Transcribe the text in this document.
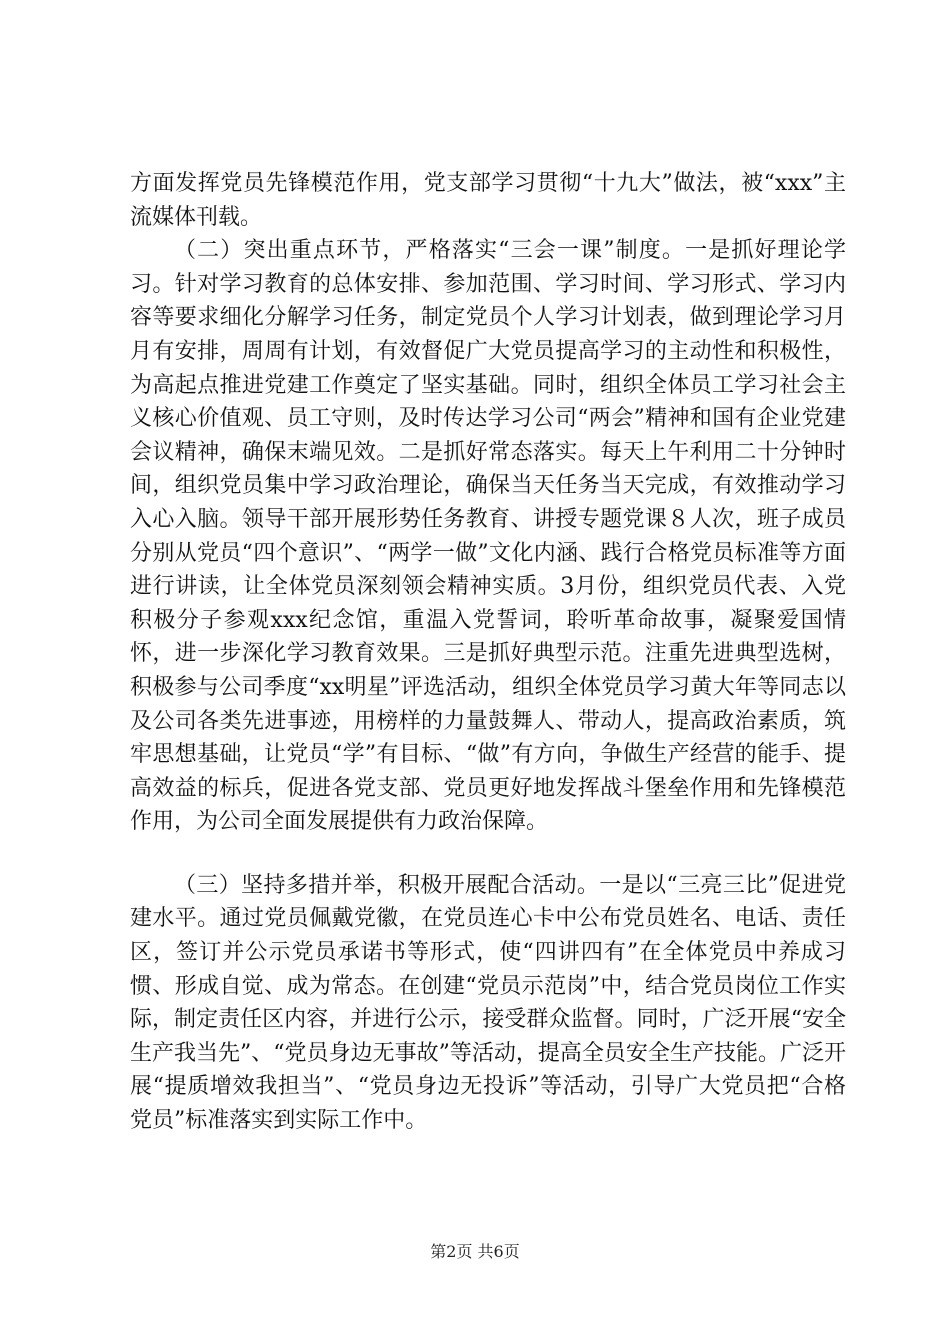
方面发挥党员先锋模范作用，党支部学习贯彻“十九大”做法，被“xxx”主流媒体刊载。

（二）突出重点环节，严格落实“三会一课”制度。一是抓好理论学习。针对学习教育的总体安排、参加范围、学习时间、学习形式、学习内容等要求细化分解学习任务，制定党员个人学习计划表，做到理论学习月月有安排，周周有计划，有效督促广大党员提高学习的主动性和积极性，为高起点推进党建工作奠定了坚实基础。同时，组织全体员工学习社会主义核心价值观、员工守则，及时传达学习公司“两会”精神和国有企业党建会议精神，确保末端见效。二是抓好常态落实。每天上午利用二十分钟时间，组织党员集中学习政治理论，确保当天任务当天完成，有效推动学习入心入脑。领导干部开展形势任务教育、讲授专题党课８人次，班子成员分别从党员“四个意识”、“两学一做”文化内涵、践行合格党员标准等方面进行讲读，让全体党员深刻领会精神实质。3月份，组织党员代表、入党积极分子参观xxx纪念馆，重温入党誓词，聆听革命故事，凝聚爱国情怀，进一步深化学习教育效果。三是抓好典型示范。注重先进典型选树，积极参与公司季度“xx明星”评选活动，组织全体党员学习黄大年等同志以及公司各类先进事迹，用榜样的力量鼓舞人、带动人，提高政治素质，筑牢思想基础，让党员“学”有目标、“做”有方向，争做生产经营的能手、提高效益的标兵，促进各党支部、党员更好地发挥战斗堡垒作用和先锋模范作用，为公司全面发展提供有力政治保障。

（三）坚持多措并举，积极开展配合活动。一是以“三亮三比”促进党建水平。通过党员佩戴党徽，在党员连心卡中公布党员姓名、电话、责任区，签订并公示党员承诺书等形式，使“四讲四有”在全体党员中养成习惯、形成自觉、成为常态。在创建“党员示范岗”中，结合党员岗位工作实际，制定责任区内容，并进行公示，接受群众监督。同时，广泛开展“安全生产我当先”、“党员身边无事故”等活动，提高全员安全生产技能。广泛开展“提质增效我担当”、“党员身边无投诉”等活动，引导广大党员把“合格党员”标准落实到实际工作中。

第2页 共6页
